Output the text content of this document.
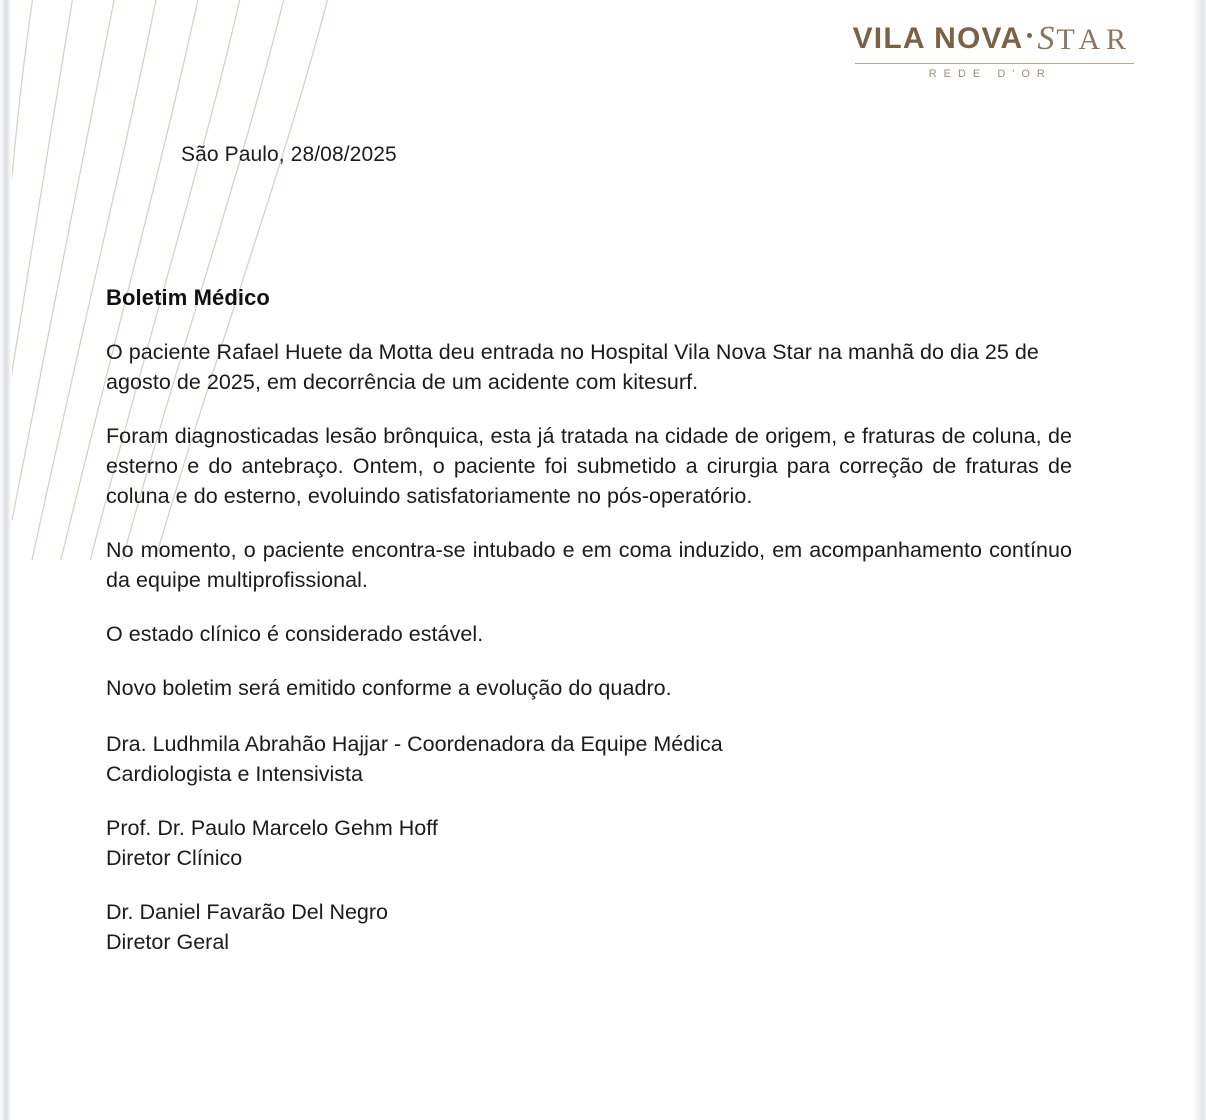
VILA NOVA STAR
REDE D'OR
São Paulo, 28/08/2025
Boletim Médico

O paciente Rafael Huete da Motta deu entrada no Hospital Vila Nova Star na manhã do dia 25 de agosto de 2025, em decorrência de um acidente com kitesurf.

Foram diagnosticadas lesão brônquica, esta já tratada na cidade de origem, e fraturas de coluna, de esterno e do antebraço. Ontem, o paciente foi submetido a cirurgia para correção de fraturas de coluna e do esterno, evoluindo satisfatoriamente no pós-operatório.

No momento, o paciente encontra-se intubado e em coma induzido, em acompanhamento contínuo da equipe multiprofissional.

O estado clínico é considerado estável.

Novo boletim será emitido conforme a evolução do quadro.

Dra. Ludhmila Abrahão Hajjar - Coordenadora da Equipe Médica
Cardiologista e Intensivista
Prof. Dr. Paulo Marcelo Gehm Hoff
Diretor Clínico
Dr. Daniel Favarão Del Negro
Diretor Geral
